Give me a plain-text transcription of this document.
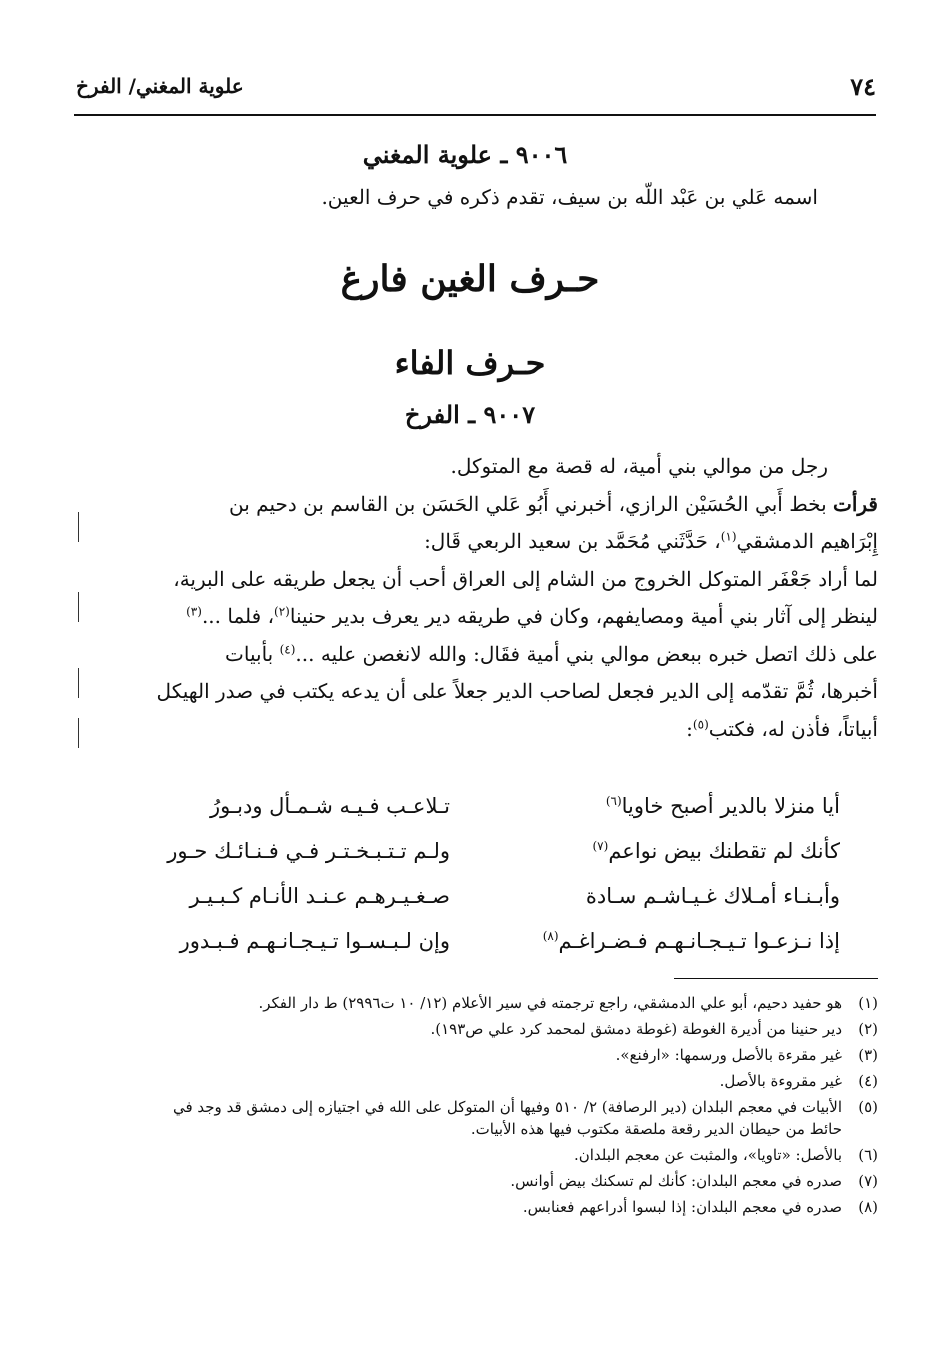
٧٤
علوية المغني/ الفرخ
٩٠٠٦ ـ علوية المغني
اسمه عَلي بن عَبْد اللّه بن سيف، تقدم ذكره في حرف العين.
حـرف الغين فارغ
حـرف الفاء
٩٠٠٧ ـ الفرخ

رجل من موالي بني أمية، له قصة مع المتوكل.

قرأت بخط أَبي الحُسَيْن الرازي، أخبرني أَبُو عَلي الحَسَن بن القاسم بن دحيم بن

إِبْرَاهيم الدمشقي$^{(١)}$، حَدَّثَني مُحَمَّد بن سعيد الربعي قَال:

لما أراد جَعْفَر المتوكل الخروج من الشام إلى العراق أحب أن يجعل طريقه على البرية،

لينظر إلى آثار بني أمية ومصايفهم، وكان في طريقه دير يعرف بدير حنينا$^{(٢)}$، فلما ...$^{(٣)}$

على ذلك اتصل خبره ببعض موالي بني أمية فقَال: والله لانغصن عليه ...$^{(٤)}$ بأبيات

أخبرها، ثُمَّ تقدّمه إلى الدير فجعل لصاحب الدير جعلاً على أن يدعه يكتب في صدر الهيكل

أبياتاً، فأذن له، فكتب$^{(٥)}$:

أيا منزلا بالدير أصبح خاويا$^{(٦)}$
تـلاعـب فـيـه شـمـأل ودبـورُ
كأنك لم تقطنك بيض نواعم$^{(٧)}$
ولـم تـتـبـخـتـر فـي فـنـائـك حـور
وأبـنـاء أمـلاك غـيـاشـم سـادة
صـغـيـرهـم عـنـد الأنـام كـبـيـر
إذا نـزعـوا تـيـجـانـهـم فـضـراغـم$^{(٨)}$
وإن لـبـسـوا تـيـجـانـهـم فـبـدور
(١)
هو حفيد دحيم، أبو علي الدمشقي، راجع ترجمته في سير الأعلام (١٢/ ١٠ ت٢٩٩٦) ط دار الفكر.
(٢)
دير حنينا من أديرة الغوطة (غوطة دمشق لمحمد كرد علي ص١٩٣).
(٣)
غير مقرءة بالأصل ورسمها: «ارفنع».
(٤)
غير مقروءة بالأصل.
(٥)
الأبيات في معجم البلدان (دير الرصافة) ٢/ ٥١٠ وفيها أن المتوكل على الله في اجتيازه إلى دمشق قد وجد في
حائط من حيطان الدير رقعة ملصقة مكتوب فيها هذه الأبيات.
(٦)
بالأصل: «تاويا»، والمثبت عن معجم البلدان.
(٧)
صدره في معجم البلدان: كأنك لم تسكنك بيض أوانس.
(٨)
صدره في معجم البلدان: إذا لبسوا أدراعهم فعنابس.
